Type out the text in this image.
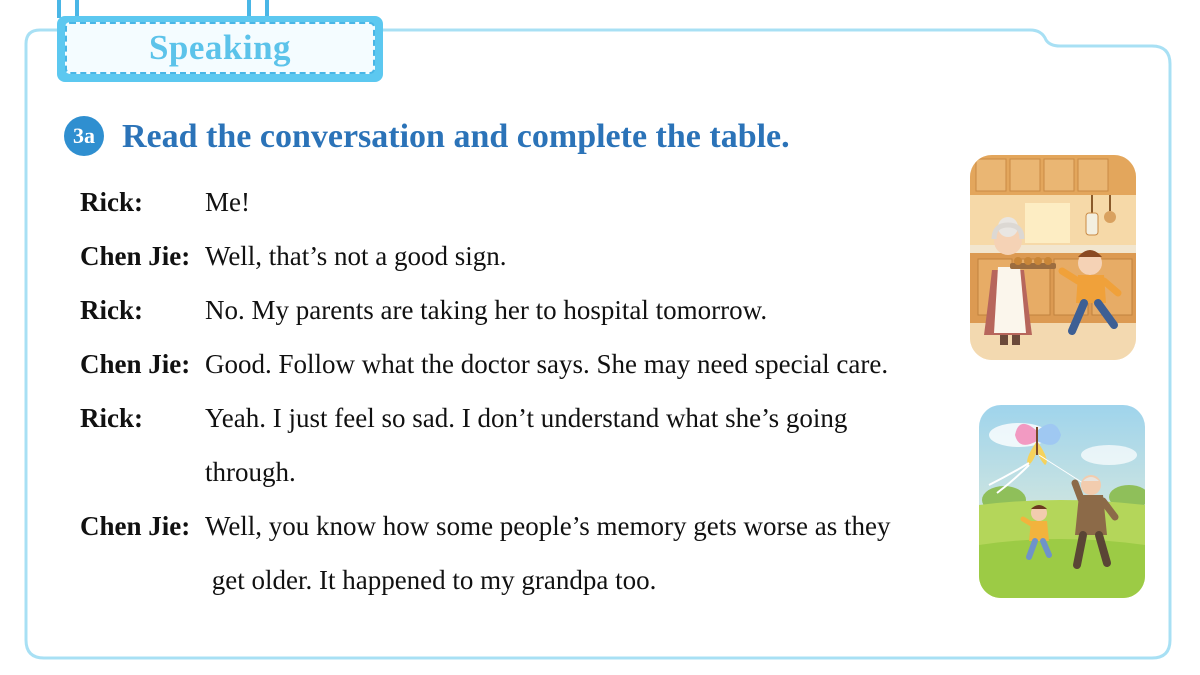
Speaking
3a Read the conversation and complete the table.
Rick: Me!
Chen Jie: Well, that’s not a good sign.
Rick: No. My parents are taking her to hospital tomorrow.
Chen Jie: Good. Follow what the doctor says. She may need special care.
Rick: Yeah. I just feel so sad. I don’t understand what she’s going
through.
Chen Jie: Well, you know how some people’s memory gets worse as they
get older. It happened to my grandpa too.
